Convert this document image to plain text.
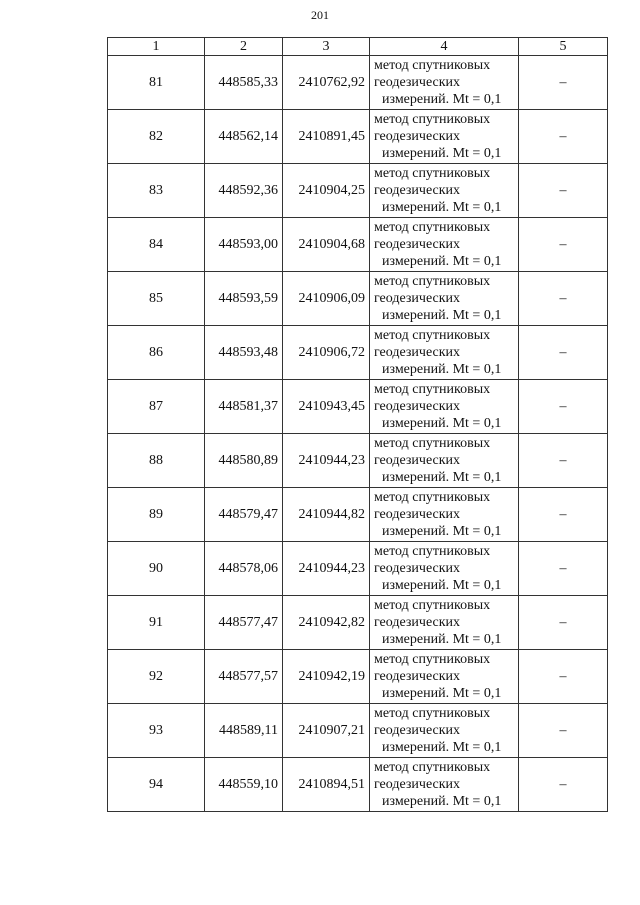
201
1	2	3	4	5
81	448585,33	2410762,92	метод спутниковых
геодезических
измерений. Mt = 0,1	–
82	448562,14	2410891,45	метод спутниковых
геодезических
измерений. Mt = 0,1	–
83	448592,36	2410904,25	метод спутниковых
геодезических
измерений. Mt = 0,1	–
84	448593,00	2410904,68	метод спутниковых
геодезических
измерений. Mt = 0,1	–
85	448593,59	2410906,09	метод спутниковых
геодезических
измерений. Mt = 0,1	–
86	448593,48	2410906,72	метод спутниковых
геодезических
измерений. Mt = 0,1	–
87	448581,37	2410943,45	метод спутниковых
геодезических
измерений. Mt = 0,1	–
88	448580,89	2410944,23	метод спутниковых
геодезических
измерений. Mt = 0,1	–
89	448579,47	2410944,82	метод спутниковых
геодезических
измерений. Mt = 0,1	–
90	448578,06	2410944,23	метод спутниковых
геодезических
измерений. Mt = 0,1	–
91	448577,47	2410942,82	метод спутниковых
геодезических
измерений. Mt = 0,1	–
92	448577,57	2410942,19	метод спутниковых
геодезических
измерений. Mt = 0,1	–
93	448589,11	2410907,21	метод спутниковых
геодезических
измерений. Mt = 0,1	–
94	448559,10	2410894,51	метод спутниковых
геодезических
измерений. Mt = 0,1	–
